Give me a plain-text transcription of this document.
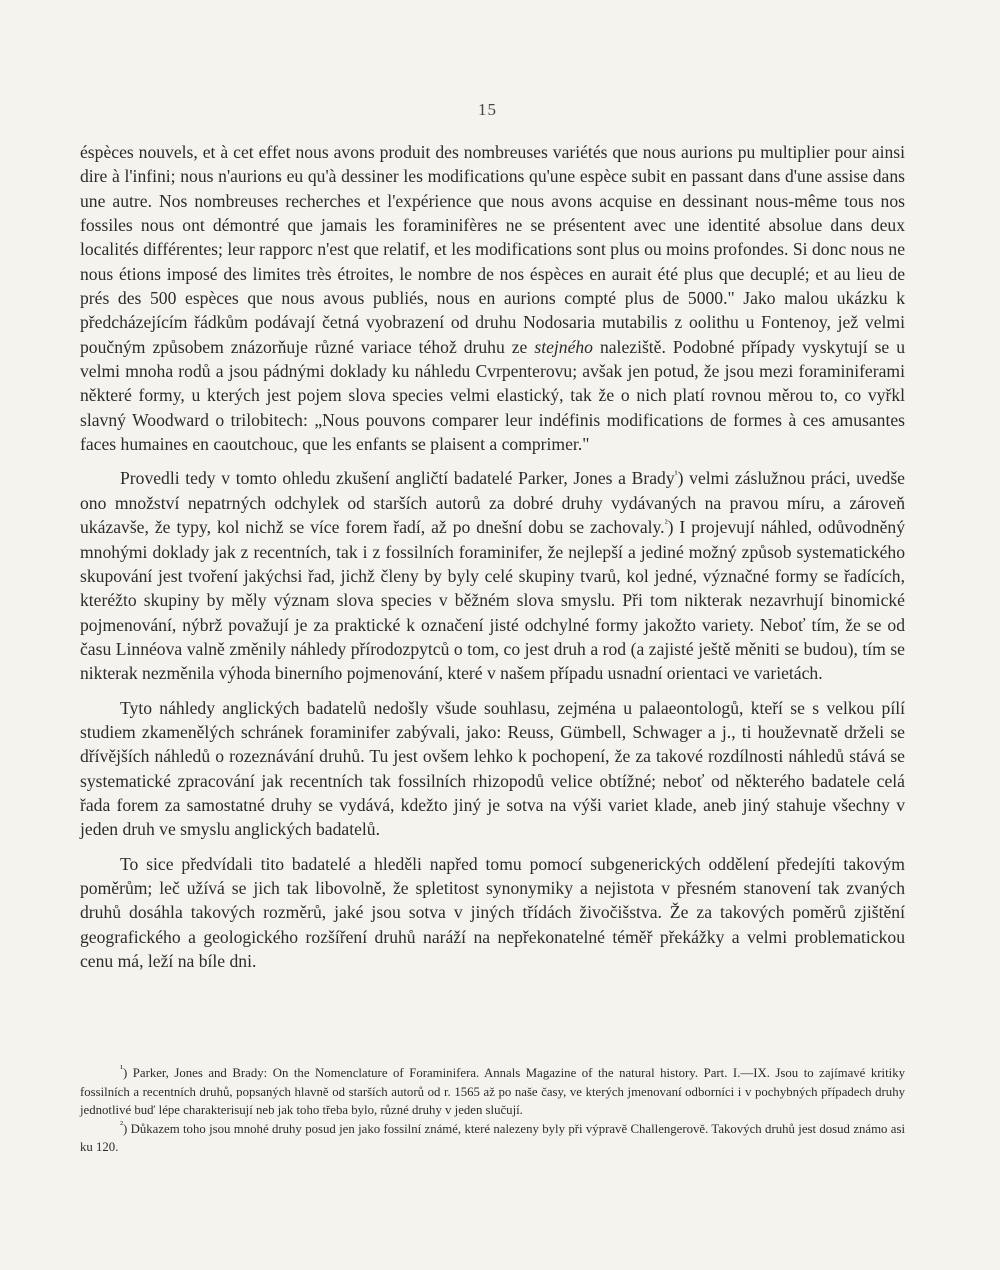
15

éspèces nouvels, et à cet effet nous avons produit des nombreuses variétés que nous aurions pu multiplier pour ainsi dire à l'infini; nous n'aurions eu qu'à dessiner les modifications qu'une espèce subit en passant dans d'une assise dans une autre. Nos nombreuses recherches et l'expérience que nous avons acquise en dessinant nous-même tous nos fossiles nous ont démontré que jamais les foraminifères ne se présentent avec une identité absolue dans deux localités différentes; leur rapporc n'est que relatif, et les modifications sont plus ou moins profondes. Si donc nous ne nous étions imposé des limites très étroites, le nombre de nos éspèces en aurait été plus que decuplé; et au lieu de prés des 500 espèces que nous avous publiés, nous en aurions compté plus de 5000." Jako malou ukázku k předcházejícím řádkům podávají četná vyobrazení od druhu Nodosaria mutabilis z oolithu u Fontenoy, jež velmi poučným způsobem znázorňuje různé variace téhož druhu ze stejného naleziště. Podobné případy vyskytují se u velmi mnoha rodů a jsou pádnými doklady ku náhledu Cvrpenterovu; avšak jen potud, že jsou mezi foraminiferami některé formy, u kterých jest pojem slova species velmi elastický, tak že o nich platí rovnou měrou to, co vyřkl slavný Woodward o trilobitech: „Nous pouvons comparer leur indéfinis modifications de formes à ces amusantes faces humaines en caoutchouc, que les enfants se plaisent a comprimer."

Provedli tedy v tomto ohledu zkušení angličtí badatelé Parker, Jones a Brady$^{^1}$) velmi záslužnou práci, uvedše ono množství nepatrných odchylek od starších autorů za dobré druhy vydávaných na pravou míru, a zároveň ukázavše, že typy, kol nichž se více forem řadí, až po dnešní dobu se zachovaly.$^{^2}$) I projevují náhled, odůvodněný mnohými doklady jak z recentních, tak i z fossilních foraminifer, že nejlepší a jediné možný způsob systematického skupování jest tvoření jakýchsi řad, jichž členy by byly celé skupiny tvarů, kol jedné, význačné formy se řadících, kteréžto skupiny by měly význam slova species v běžném slova smyslu. Při tom nikterak nezavrhují binomické pojmenování, nýbrž považují je za praktické k označení jisté odchylné formy jakožto variety. Neboť tím, že se od času Linnéova valně změnily náhledy přírodozpytců o tom, co jest druh a rod (a zajisté ještě měniti se budou), tím se nikterak nezměnila výhoda binerního pojmenování, které v našem případu usnadní orientaci ve varietách.

Tyto náhledy anglických badatelů nedošly všude souhlasu, zejména u palaeontologů, kteří se s velkou pílí studiem zkamenělých schránek foraminifer zabývali, jako: Reuss, Gümbell, Schwager a j., ti houževnatě drželi se dřívějších náhledů o rozeznávání druhů. Tu jest ovšem lehko k pochopení, že za takové rozdílnosti náhledů stává se systematické zpracování jak recentních tak fossilních rhizopodů velice obtížné; neboť od některého badatele celá řada forem za samostatné druhy se vydává, kdežto jiný je sotva na výši variet klade, aneb jiný stahuje všechny v jeden druh ve smyslu anglických badatelů.

To sice předvídali tito badatelé a hleděli napřed tomu pomocí subgenerických oddělení předejíti takovým poměrům; leč užívá se jich tak libovolně, že spletitost synonymiky a nejistota v přesném stanovení tak zvaných druhů dosáhla takových rozměrů, jaké jsou sotva v jiných třídách živočišstva. Že za takových poměrů zjištění geografického a geologického rozšíření druhů naráží na nepřekonatelné téměř překážky a velmi problematickou cenu má, leží na bíle dni.

$^{^1}$) Parker, Jones and Brady: On the Nomenclature of Foraminifera. Annals Magazine of the natural history. Part. I.—IX. Jsou to zajímavé kritiky fossilních a recentních druhů, popsaných hlavně od starších autorů od r. 1565 až po naše časy, ve kterých jmenovaní odborníci i v pochybných případech druhy jednotlivé buď lépe charakterisují neb jak toho třeba bylo, různé druhy v jeden slučují.

$^{^2}$) Důkazem toho jsou mnohé druhy posud jen jako fossilní známé, které nalezeny byly při výpravě Challengerově. Takových druhů jest dosud známo asi ku 120.
